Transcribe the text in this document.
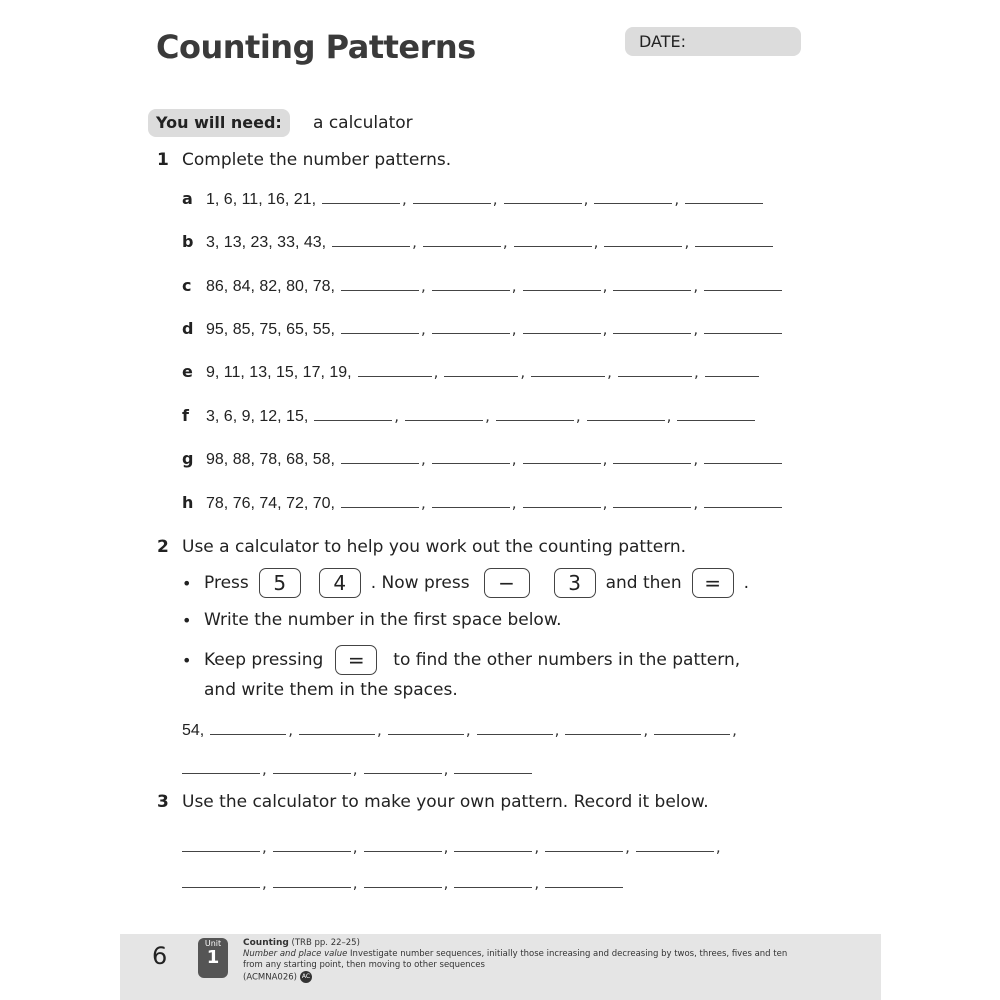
Counting Patterns	DATE:
You will need:	a calculator
1 Complete the number patterns.
a 1, 6, 11, 16, 21,	,	,	,	,
b 3, 13, 23, 33, 43,	,	,	,	,
c 86, 84, 82, 80, 78,	,	,	,	,
d 95, 85, 75, 65, 55,	,	,	,	,
e 9, 11, 13, 15, 17, 19,	,	,	,	,
f	3, 6, 9, 12, 15,	,	,	,	,
g 98, 88, 78, 68, 58,	,	,	,	,
h 78, 76, 74, 72, 70,	,	,	,	,
2 Use a calculator to help you work out the counting pattern.
• Press	5	4	. Now press	−	3	and then	=	.
• Write the number in the first space below.
• Keep pressing	=	to find the other numbers in the pattern,
and write them in the spaces.
54,	,	,	,	,	,	,
,	,	,
3 Use the calculator to make your own pattern. Record it below.
,	,	,	,	,	,
,	,	,	,
6	Unit
1
Counting (TRB pp. 22–25)
Number and place value Investigate number sequences, initially those increasing and decreasing by twos, threes, fives and ten from any starting point, then moving to other sequences
(ACMNA026) AC
